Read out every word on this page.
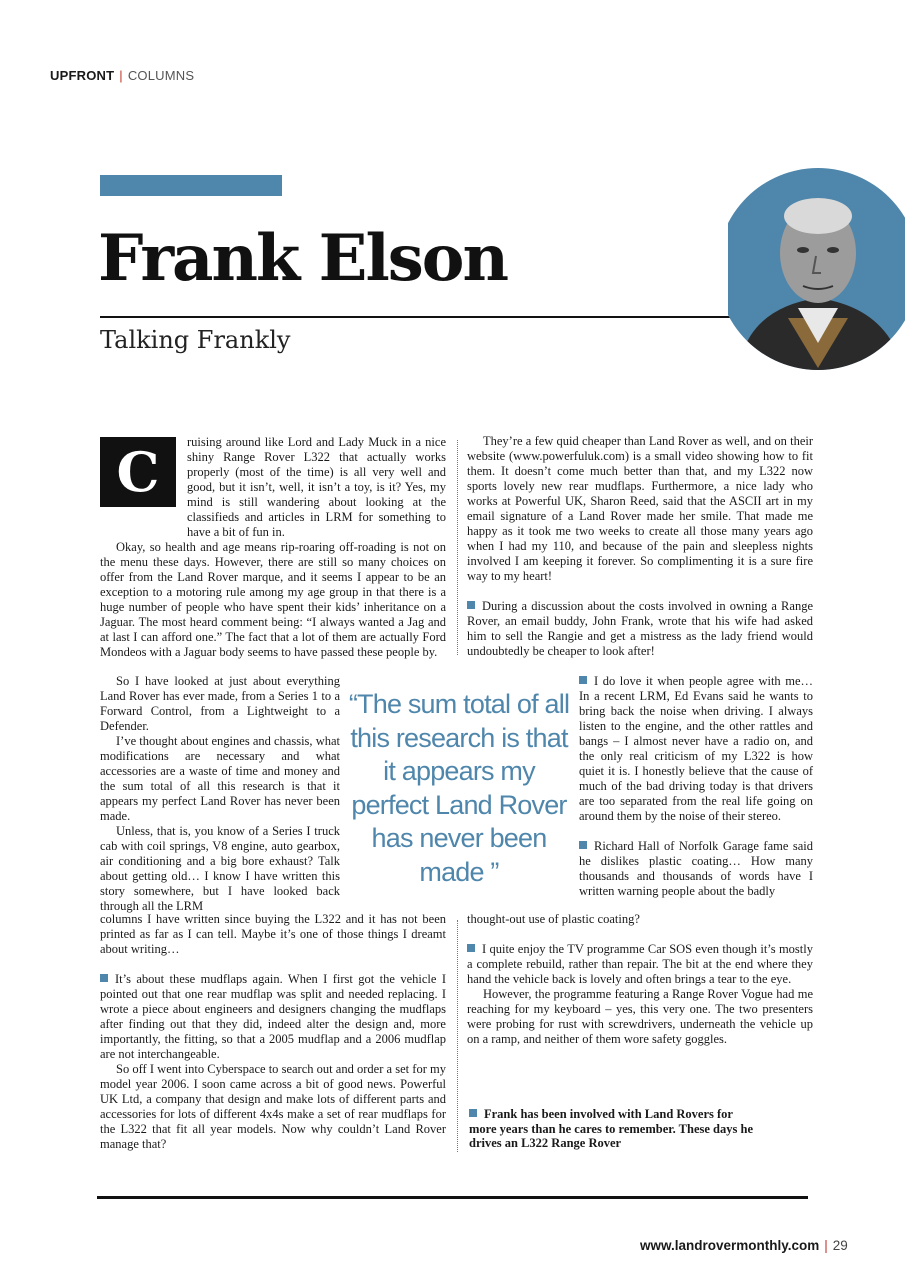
UPFRONT | COLUMNS
Frank Elson
Talking Frankly
C	ruising around like Lord and Lady Muck in a nice shiny Range Rover L322 that actually works properly (most of the time) is all very well and good, but it isn’t, well, it isn’t a toy, is it? Yes, my mind is still wandering about looking at the classifieds and articles in LRM for something to have a bit of fun in.

Okay, so health and age means rip-roaring off-roading is not on the menu these days. However, there are still so many choices on offer from the Land Rover marque, and it seems I appear to be an exception to a motoring rule among my age group in that there is a huge number of people who have spent their kids’ inheritance on a Jaguar. The most heard comment being: “I always wanted a Jag and at last I can afford one.” The fact that a lot of them are actually Ford Mondeos with a Jaguar body seems to have passed these people by.

So I have looked at just about everything Land Rover has ever made, from a Series 1 to a Forward Control, from a Lightweight to a Defender.

I’ve thought about engines and chassis, what modifications are necessary and what accessories are a waste of time and money and the sum total of all this research is that it appears my perfect Land Rover has never been made.

Unless, that is, you know of a Series I truck cab with coil springs, V8 engine, auto gearbox, air conditioning and a big bore exhaust? Talk about getting old… I know I have written this story somewhere, but I have looked back through all the LRM

columns I have written since buying the L322 and it has not been printed as far as I can tell. Maybe it’s one of those things I dreamt about writing…

It’s about these mudflaps again. When I first got the vehicle I pointed out that one rear mudflap was split and needed replacing. I wrote a piece about engineers and designers changing the mudflaps after finding out that they did, indeed alter the design and, more importantly, the fitting, so that a 2005 mudflap and a 2006 mudflap are not interchangeable.

So off I went into Cyberspace to search out and order a set for my model year 2006. I soon came across a bit of good news. Powerful UK Ltd, a company that design and make lots of different parts and accessories for lots of different 4x4s make a set of rear mudflaps for the L322 that fit all year models. Now why couldn’t Land Rover manage that?

They’re a few quid cheaper than Land Rover as well, and on their website (www.powerfuluk.com) is a small video showing how to fit them. It doesn’t come much better than that, and my L322 now sports lovely new rear mudflaps. Furthermore, a nice lady who works at Powerful UK, Sharon Reed, said that the ASCII art in my email signature of a Land Rover made her smile. That made me happy as it took me two weeks to create all those many years ago when I had my 110, and because of the pain and sleepless nights involved I am keeping it forever. So complimenting it is a sure fire way to my heart!

During a discussion about the costs involved in owning a Range Rover, an email buddy, John Frank, wrote that his wife had asked him to sell the Rangie and get a mistress as the lady friend would undoubtedly be cheaper to look after!

“The sum total of all this research is that it appears my perfect Land Rover has never been made ”

I do love it when people agree with me… In a recent LRM, Ed Evans said he wants to bring back the noise when driving. I always listen to the engine, and the other rattles and bangs – I almost never have a radio on, and the only real criticism of my L322 is how quiet it is. I honestly believe that the cause of much of the bad driving today is that drivers are too separated from the real life going on around them by the noise of their stereo.

Richard Hall of Norfolk Garage fame said he dislikes plastic coating… How many thousands and thousands of words have I written warning people about the badly

thought-out use of plastic coating?

I quite enjoy the TV programme Car SOS even though it’s mostly a complete rebuild, rather than repair. The bit at the end where they hand the vehicle back is lovely and often brings a tear to the eye.

However, the programme featuring a Range Rover Vogue had me reaching for my keyboard – yes, this very one. The two presenters were probing for rust with screwdrivers, underneath the vehicle up on a ramp, and neither of them wore safety goggles.

Frank has been involved with Land Rovers for more years than he cares to remember. These days he drives an L322 Range Rover
www.landrovermonthly.com | 29
